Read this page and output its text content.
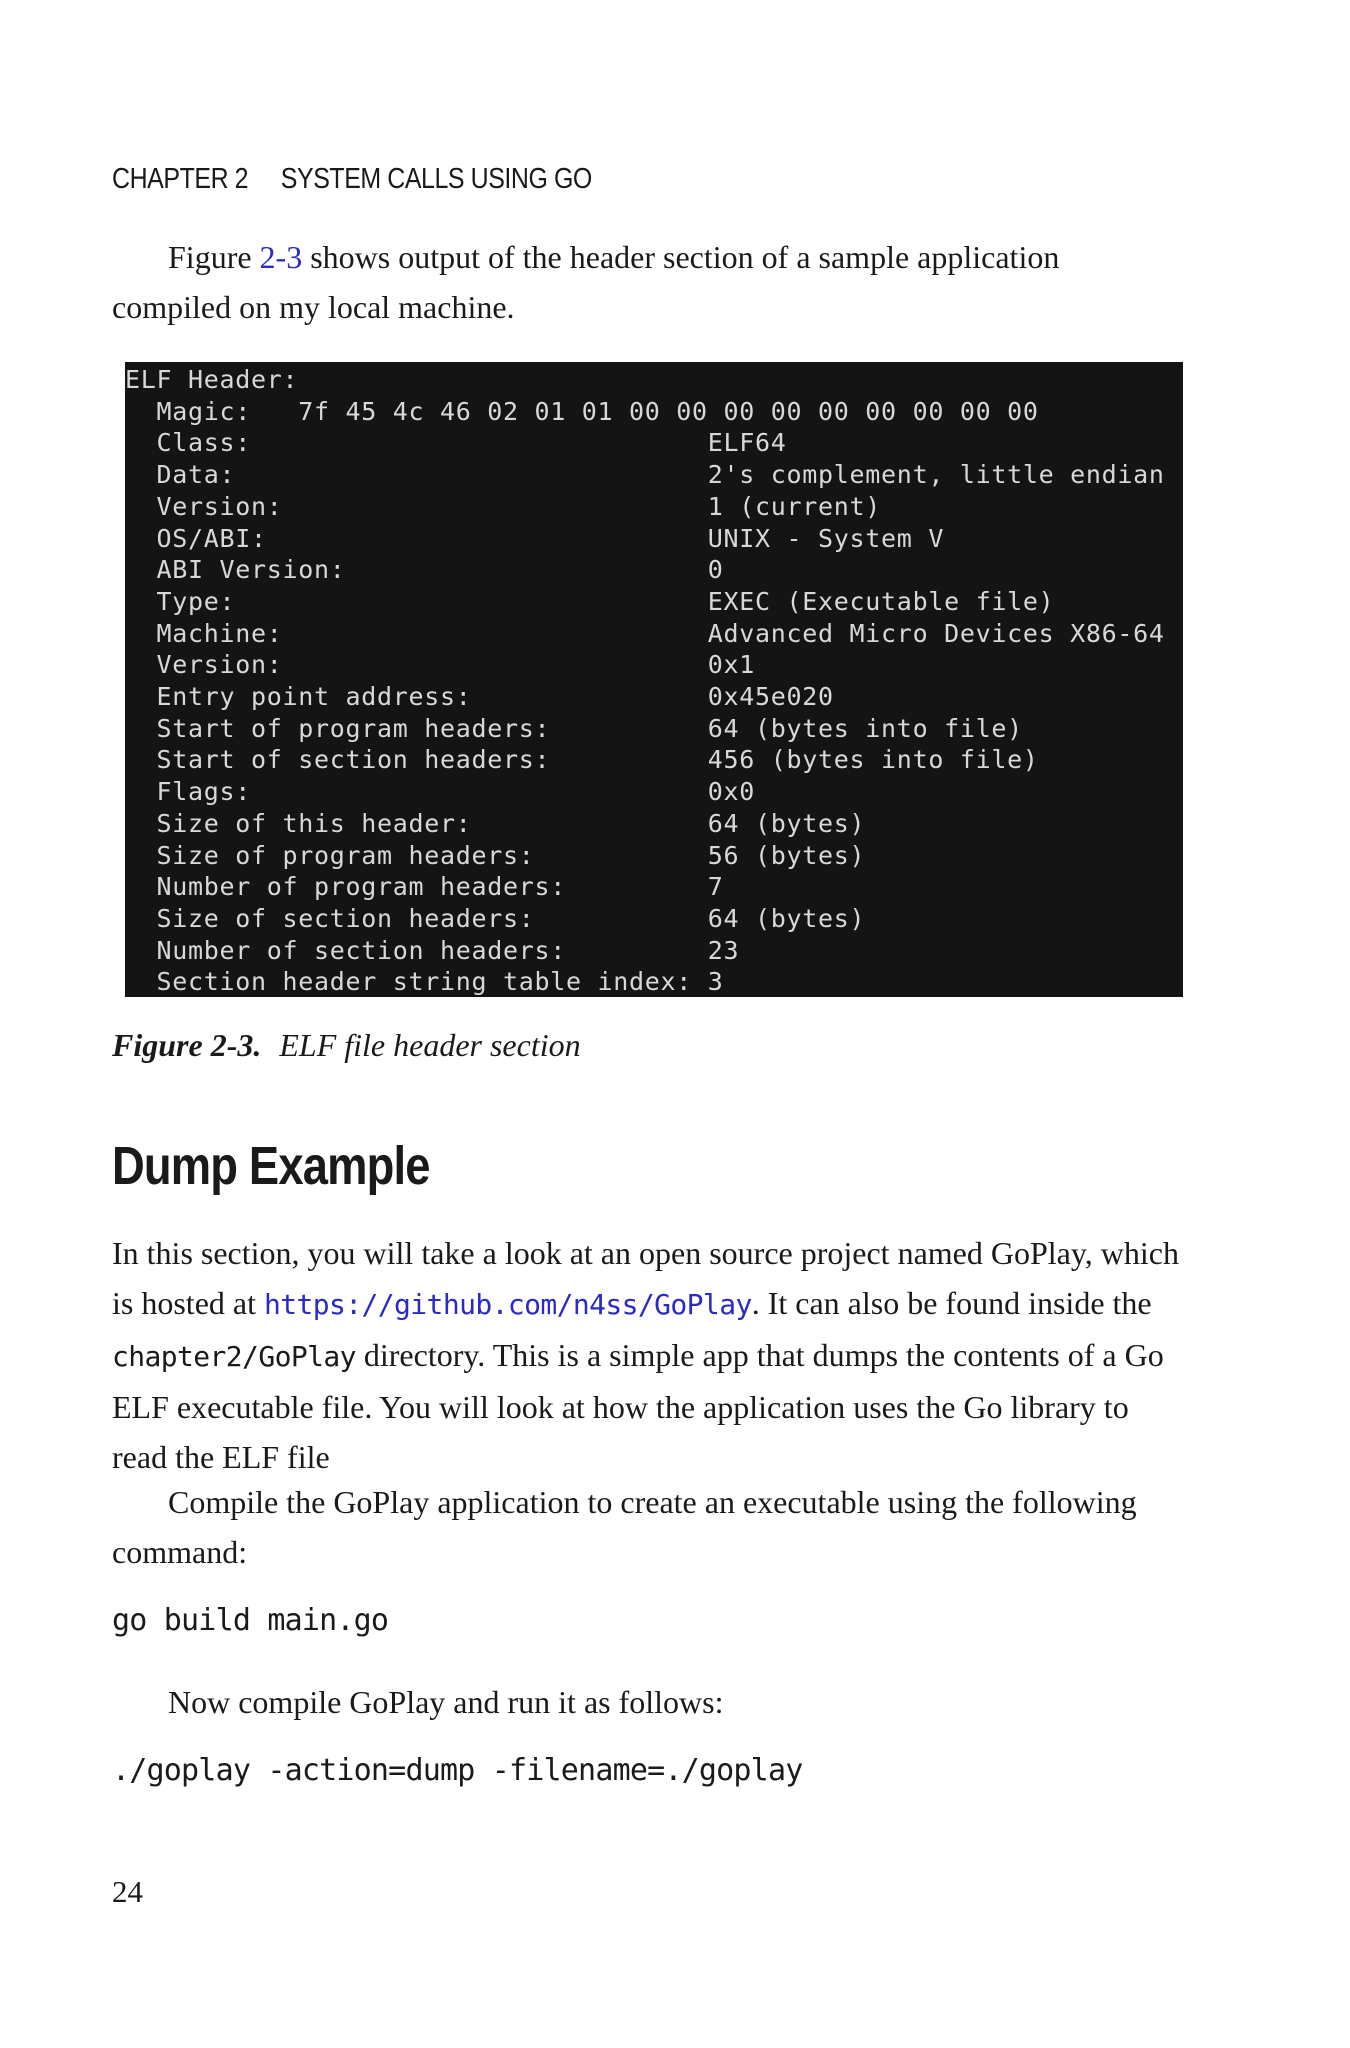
CHAPTER 2 SYSTEM CALLS USING GO

Figure 2-3 shows output of the header section of a sample application compiled on my local machine.

ELF Header:
Magic:   7f 45 4c 46 02 01 01 00 00 00 00 00 00 00 00 00
Class:                             ELF64
Data:                              2's complement, little endian
Version:                           1 (current)
OS/ABI:                            UNIX - System V
ABI Version:                       0
Type:                              EXEC (Executable file)
Machine:                           Advanced Micro Devices X86-64
Version:                           0x1
Entry point address:               0x45e020
Start of program headers:          64 (bytes into file)
Start of section headers:          456 (bytes into file)
Flags:                             0x0
Size of this header:               64 (bytes)
Size of program headers:           56 (bytes)
Number of program headers:         7
Size of section headers:           64 (bytes)
Number of section headers:         23
Section header string table index: 3
Figure 2-3. ELF file header section
Dump Example

In this section, you will take a look at an open source project named GoPlay, which is hosted at https://github.com/n4ss/GoPlay. It can also be found inside the chapter2/GoPlay directory. This is a simple app that dumps the contents of a Go ELF executable file. You will look at how the application uses the Go library to read the ELF file

Compile the GoPlay application to create an executable using the following command:

go build main.go

Now compile GoPlay and run it as follows:

./goplay -action=dump -filename=./goplay
24
